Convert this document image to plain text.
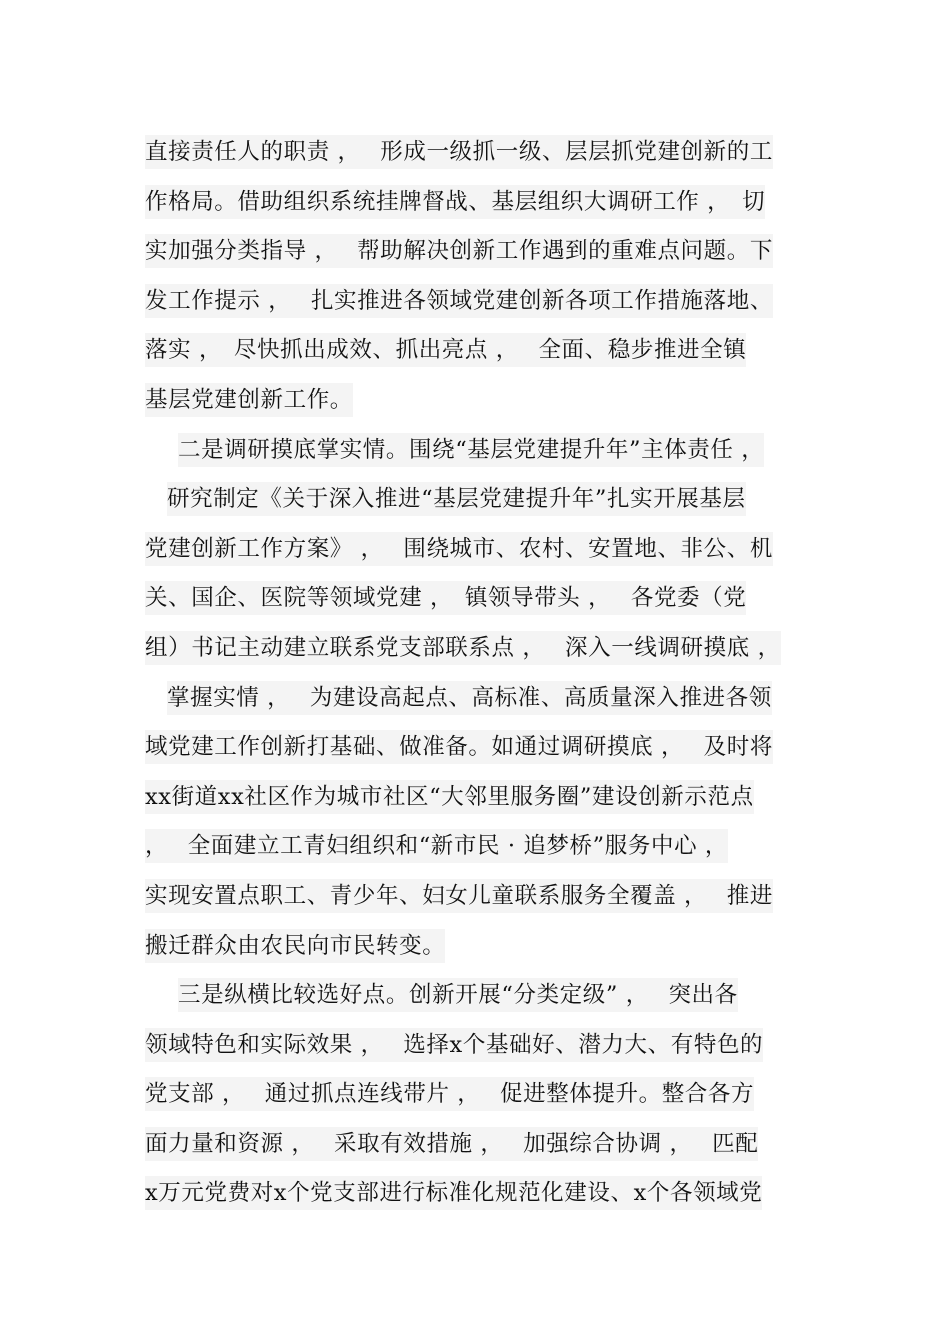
直接责任人的职责 ，　 形成一级抓一级、层层抓党建创新的工
作格局。借助组织系统挂牌督战、基层组织大调研工作 ，　切
实加强分类指导 ，　 帮助解决创新工作遇到的重难点问题。下
发工作提示 ，　 扎实推进各领域党建创新各项工作措施落地、
落实 ，　尽快抓出成效、抓出亮点 ，　 全面、稳步推进全镇
基层党建创新工作。
二是调研摸底掌实情。围绕“基层党建提升年”主体责任 ，
研究制定《关于深入推进“基层党建提升年”扎实开展基层
党建创新工作方案》 ，　 围绕城市、农村、安置地、非公、机
关、国企、医院等领域党建 ，　镇领导带头 ，　 各党委（党
组）书记主动建立联系党支部联系点 ，　 深入一线调研摸底 ，
掌握实情 ，　 为建设高起点、高标准、高质量深入推进各领
域党建工作创新打基础、做准备。如通过调研摸底 ，　 及时将
xx街道xx社区作为城市社区“大邻里服务圈”建设创新示范点
，　 全面建立工青妇组织和“新市民 · 追梦桥”服务中心 ，
实现安置点职工、青少年、妇女儿童联系服务全覆盖 ，　 推进
搬迁群众由农民向市民转变。
三是纵横比较选好点。创新开展“分类定级” ，　 突出各
领域特色和实际效果 ，　 选择x个基础好、潜力大、有特色的
党支部 ，　 通过抓点连线带片 ，　 促进整体提升。整合各方
面力量和资源 ，　 采取有效措施 ，　 加强综合协调 ，　 匹配
x万元党费对x个党支部进行标准化规范化建设、x个各领域党
